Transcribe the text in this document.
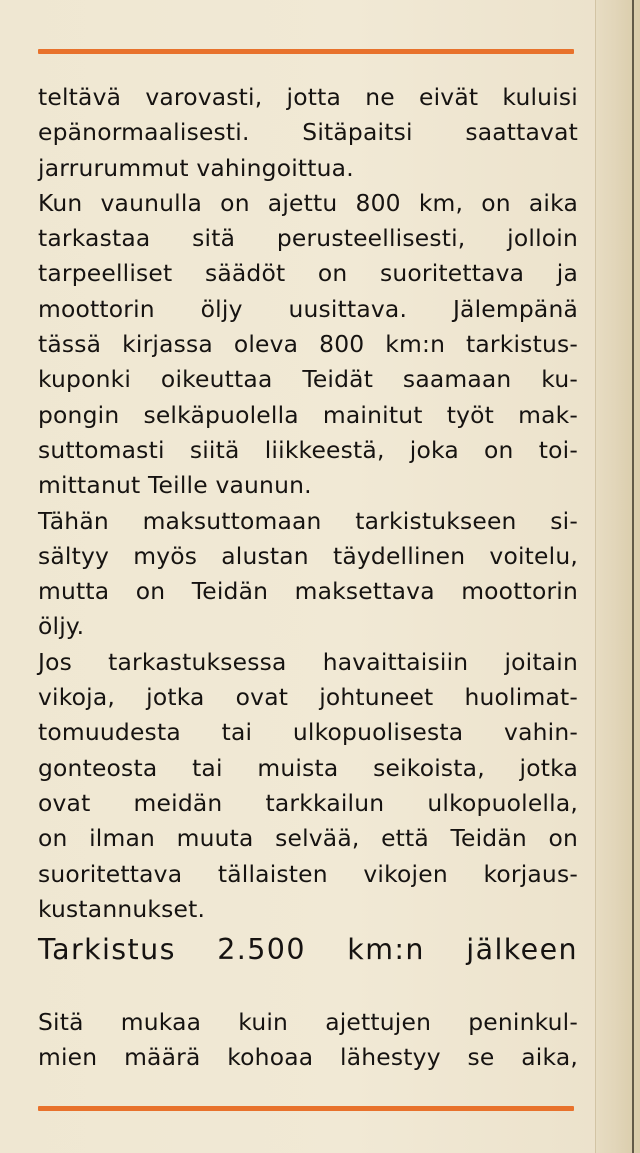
teltävä varovasti, jotta ne eivät kuluisi
epänormaalisesti. Sitäpaitsi saattavat
jarrurummut vahingoittua.
Kun vaunulla on ajettu 800 km, on aika
tarkastaa sitä perusteellisesti, jolloin
tarpeelliset säädöt on suoritettava ja
moottorin öljy uusittava. Jälempänä
tässä kirjassa oleva 800 km:n tarkistus-
kuponki oikeuttaa Teidät saamaan ku-
pongin selkäpuolella mainitut työt mak-
suttomasti siitä liikkeestä, joka on toi-
mittanut Teille vaunun.
Tähän maksuttomaan tarkistukseen si-
sältyy myös alustan täydellinen voitelu,
mutta on Teidän maksettava moottorin
öljy.
Jos tarkastuksessa havaittaisiin joitain
vikoja, jotka ovat johtuneet huolimat-
tomuudesta tai ulkopuolisesta vahin-
gonteosta tai muista seikoista, jotka
ovat meidän tarkkailun ulkopuolella,
on ilman muuta selvää, että Teidän on
suoritettava tällaisten vikojen korjaus-
kustannukset.
Tarkistus 2.500 km:n jälkeen
Sitä mukaa kuin ajettujen peninkul-
mien määrä kohoaa lähestyy se aika,
